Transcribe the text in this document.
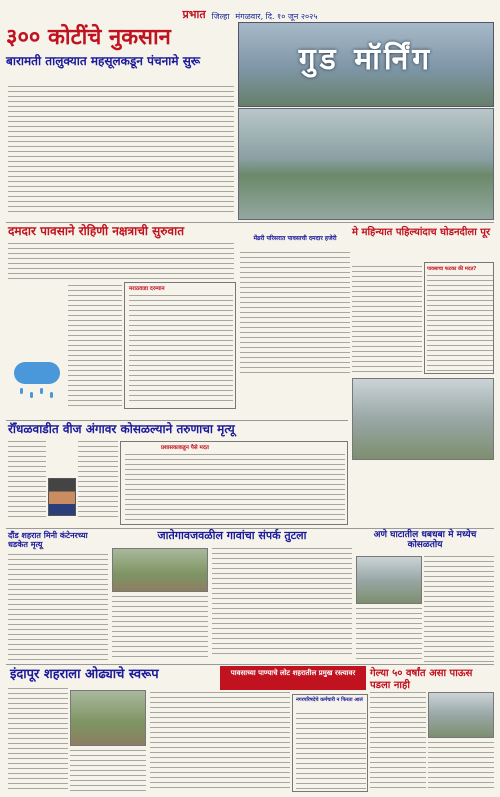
प्रभात जिल्हा मंगळवार, दि. १० जून २०२५
३०० कोटींचे नुकसान
बारामती तालुक्यात महसूलकडून पंचनामे सुरू	गुड मॉर्निंग
दमदार पावसाने रोहिणी नक्षत्राची सुरुवात
मराठवाडा दरम्यान
मेंढरी परिसरात पावसाची दमदार हजेरी
मे महिन्यात पहिल्यांदाच घोडनदीला पूर
पावसाचा फटका की मदत?
रॉँधळवाडीत वीज अंगावर कोसळल्याने तरुणाचा मृत्यू
प्रशासकाकडून पैसे मदत
दौंड शहरात मिनी कंटेनरच्या धडकेत मृत्यू
जातेगावजवळील गावांचा संपर्क तुटला	अणे घाटातील धबधबा मे मध्येच कोसळतोय
इंदापूर शहराला ओढ्याचे स्वरूप	पावसाच्या पाण्याचे लोट शहरातील प्रमुख रस्त्यावर	गेल्या ५० वर्षांत असा पाऊस पडला नाही
नगरपरिषदेचे कर्मचारी न फिरता आलं
